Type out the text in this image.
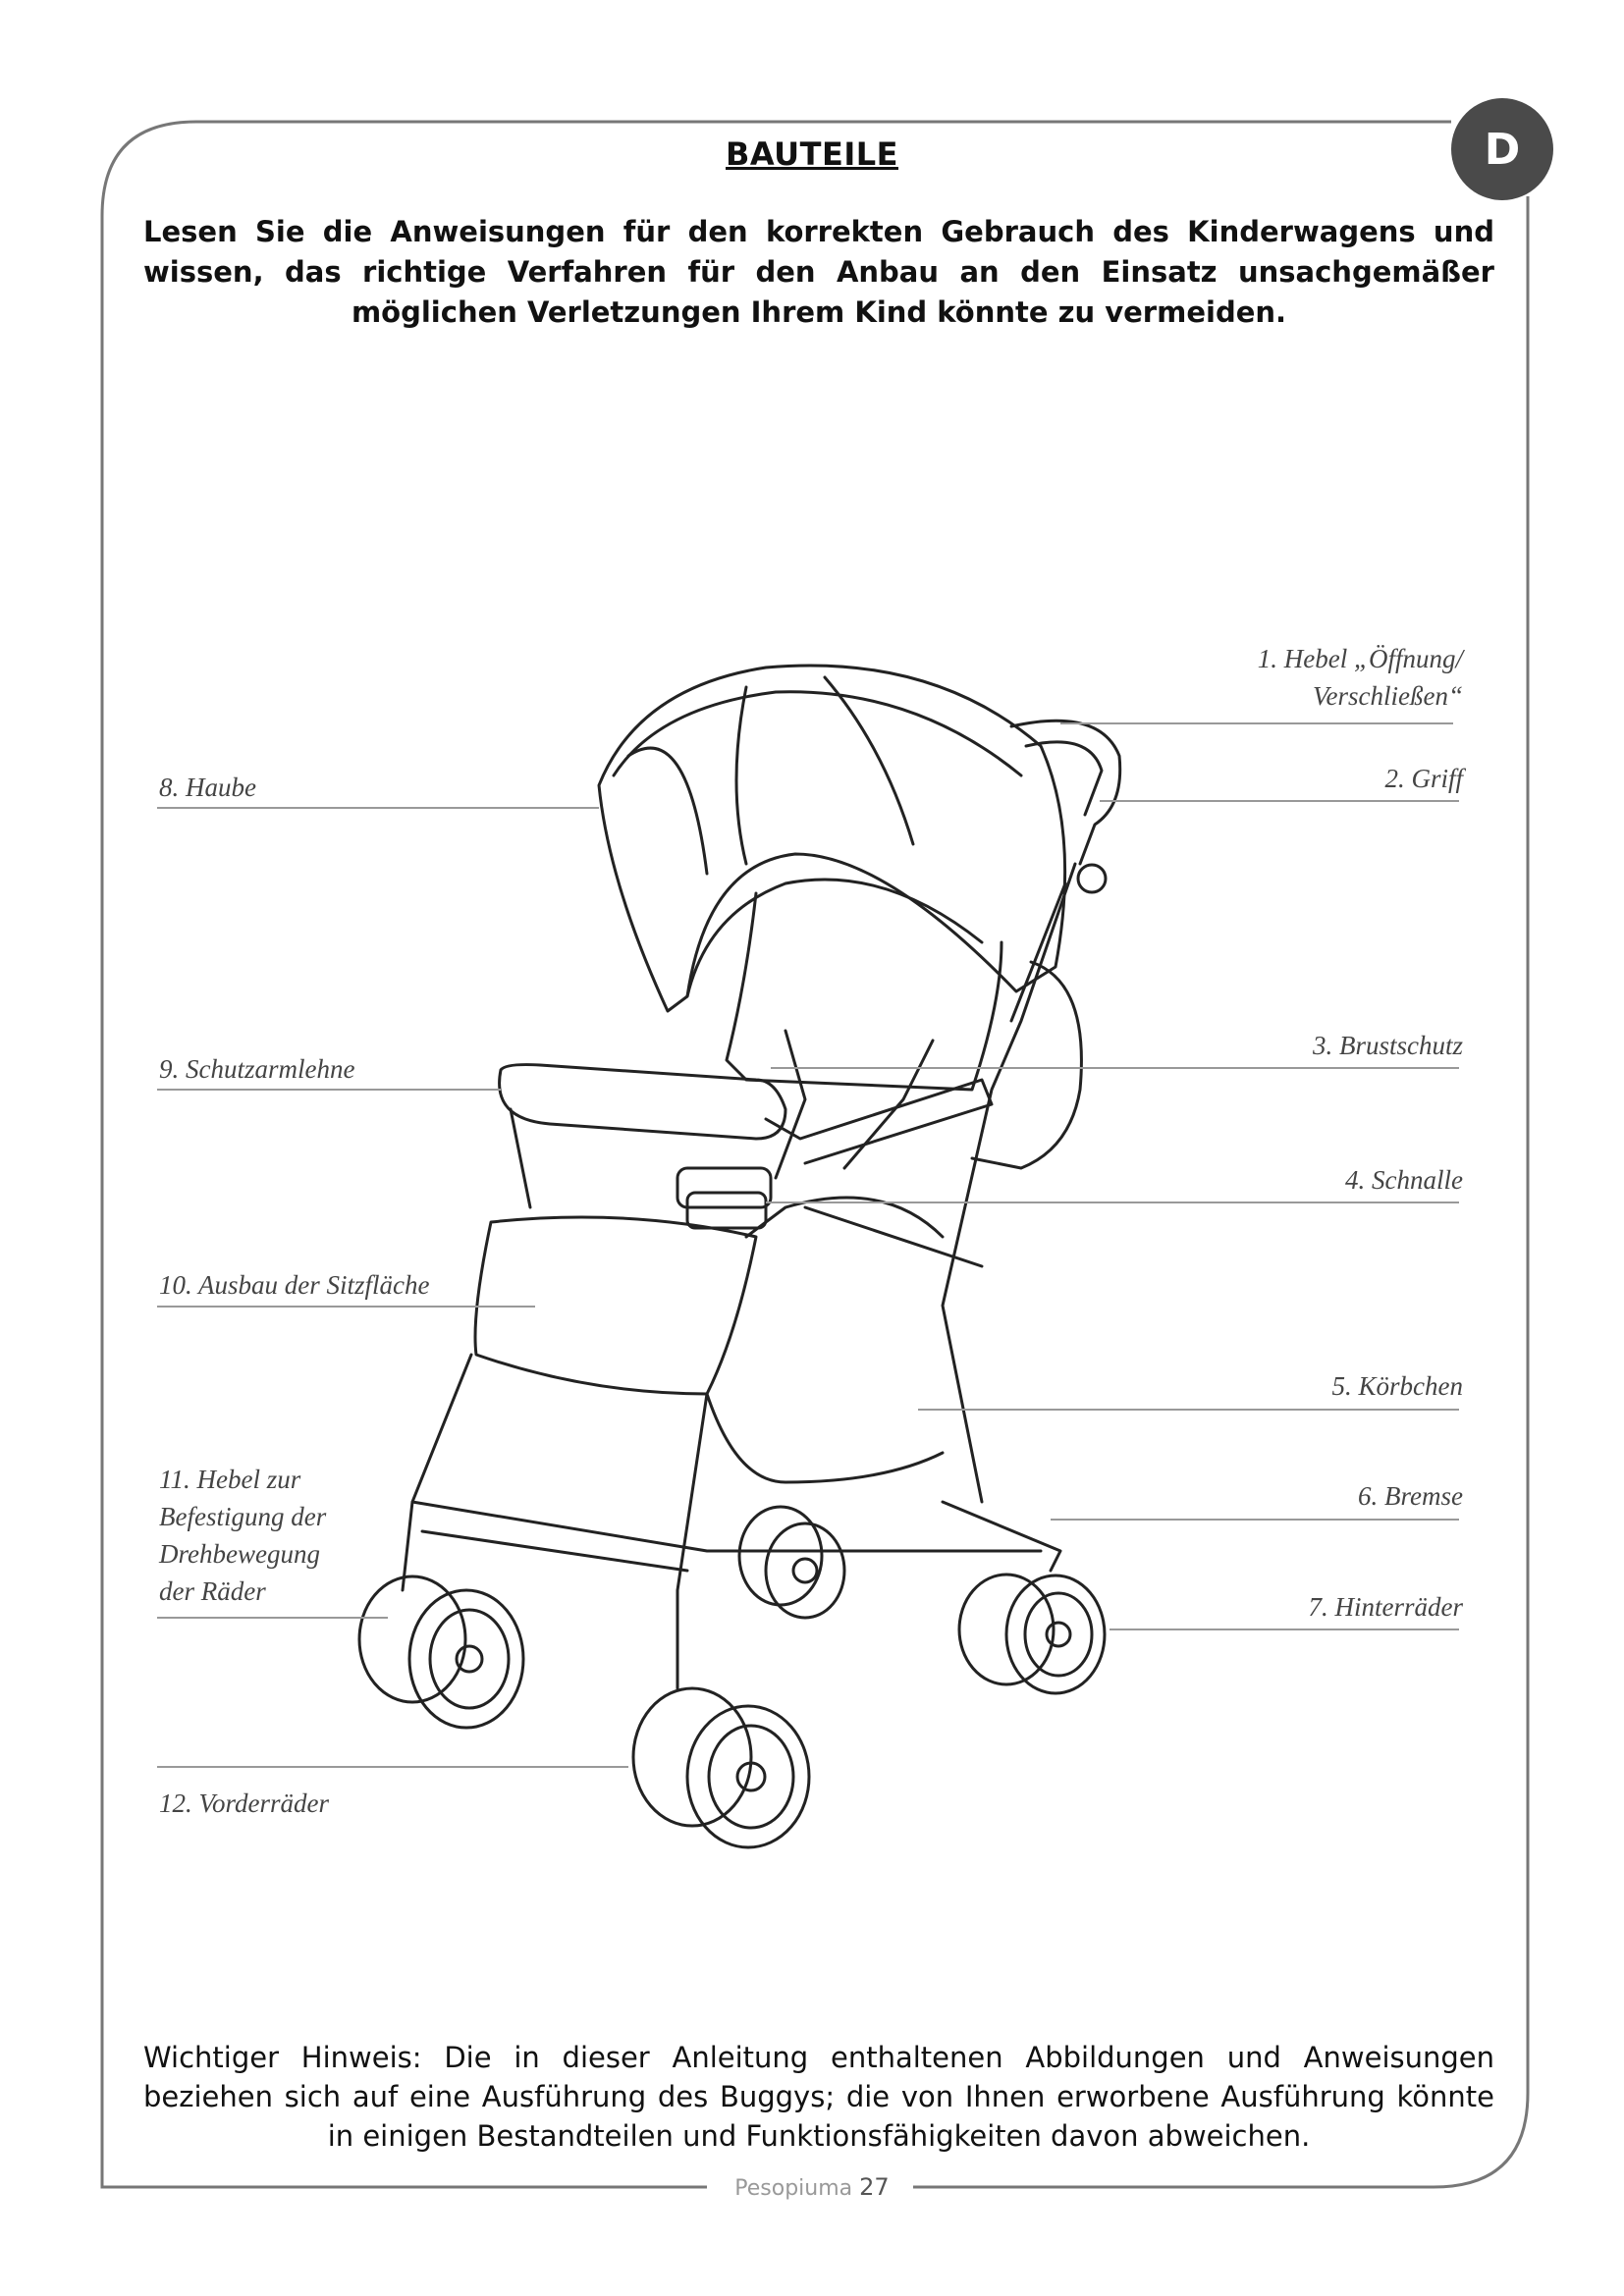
D
BAUTEILE
Lesen Sie die Anweisungen für den korrekten Gebrauch des Kinderwagens und wissen, das richtige Verfahren für den Anbau an den Einsatz unsachgemäßer möglichen Verletzungen Ihrem Kind könnte zu vermeiden.
1. Hebel „Öffnung/
Verschließen“
2. Griff
3. Brustschutz
4. Schnalle
5. Körbchen
6. Bremse
7. Hinterräder
8. Haube
9. Schutzarmlehne
10. Ausbau der Sitzfläche
11. Hebel zur
Befestigung der
Drehbewegung
der Räder
12. Vorderräder
Wichtiger Hinweis: Die in dieser Anleitung enthaltenen Abbildungen und Anweisungen beziehen sich auf eine Ausführung des Buggys; die von Ihnen erworbene Ausführung könnte in einigen Bestandteilen und Funktionsfähigkeiten davon abweichen.
Pesopiuma 27
